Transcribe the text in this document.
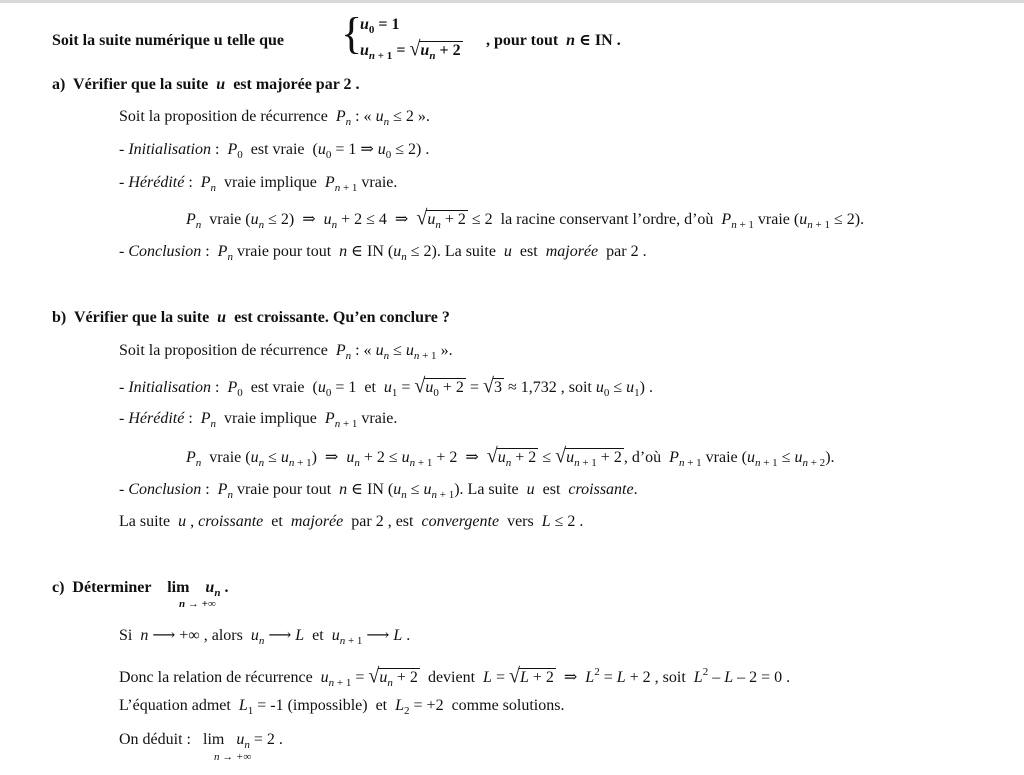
Soit la suite numérique u telle que {
$u_0 = 1$
$u_n$ $_{+ 1} = √u_n + 2$
, pour tout  n ∈ IN .
a)  Vérifier que la suite  u  est majorée par 2 .
Soit la proposition de récurrence  $P_n$ : « $u_n \le 2$ ».
- Initialisation :  $P_0$  est vraie  ($u_0 = 1$ ⇒ $u_0 \le 2$) .
- Hérédité :  $P_n$  vraie implique  $P_n$ $_{+ 1}$ vraie.
$P_n$  vraie $(u_n \le 2)$  ⇒  $u_n + 2 \le 4$  ⇒  $√u_n + 2 \le 2$  la racine conservant l’ordre, d’où  $P_n$ $_{+ 1}$ vraie ($u_n$ $_{+ 1}$ ≤ 2).
- Conclusion :  $P_n$ vraie pour tout  n ∈ IN $(u_n \le 2)$. La suite  u  est  majorée  par 2 .
b)  Vérifier que la suite  u  est croissante. Qu’en conclure ?
Soit la proposition de récurrence  $P_n$ : « $u_n \le u_n$ $_{+ 1}$ ».
- Initialisation :  $P_0$  est vraie  ($u_0 = 1$  et  $u_1 = √u_0 + 2 = √3 \approx 1,732$ , soit $u_0 \le u_1$) .
- Hérédité :  $P_n$  vraie implique  $P_n$ $_{+ 1}$ vraie.
$P_n$  vraie ($u_n \le u_n$ $_{+ 1}$)  ⇒  $u_n + 2 \le u_n$ $_{+ 1}$ + 2  ⇒  $√u_n + 2 \le √u_n$ $_{+ 1}$ + 2 , d’où  $P_n$ $_{+ 1}$ vraie ($u_n$ $_{+ 1} \le u_n$ $_{+ 2}$).
- Conclusion :  $P_n$ vraie pour tout  n ∈ IN ($u_n \le u_n$ $_{+ 1}$). La suite  u  est  croissante.
La suite  u , croissante  et  majorée  par 2 , est  convergente  vers  L ≤ 2 .
c)  Déterminer    lim    $u_n$ .
n → +∞
Si  n ⟶ +∞ , alors  $u_n$ ⟶ L  et  $u_n$ $_{+ 1}$ ⟶ L .
Donc la relation de récurrence  $u_n$ $_{+ 1} = √u_n + 2$  devient  L = √L + 2  ⇒  $L^2 = L + 2$ , soit  $L^2 - L - 2 = 0$ .
L’équation admet  $L_1 = -1$ (impossible)  et  $L_2 = +2$  comme solutions.
On déduit :   $\lim u_n = 2$ .
n → +∞
